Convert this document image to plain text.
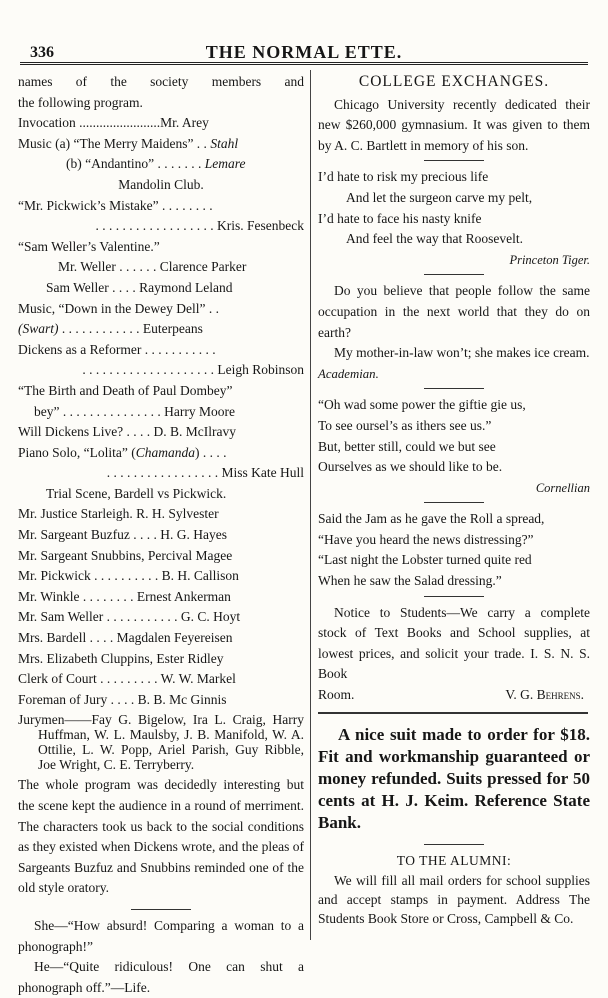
336	THE NORMAL ETTE.
names of the society members and
the following program.
Invocation ........................Mr. Arey
Music (a) “The Merry Maidens” . . Stahl
(b) “Andantino” . . . . . . . Lemare
Mandolin Club.
“Mr. Pickwick’s Mistake” . . . . . . . .
. . . . . . . . . . . . . . . . . . Kris. Fesenbeck
“Sam Weller’s Valentine.”
Mr. Weller . . . . . . Clarence Parker
Sam Weller . . . . Raymond Leland
Music, “Down in the Dewey Dell” . .
(Swart) . . . . . . . . . . . . Euterpeans
Dickens as a Reformer . . . . . . . . . . .
. . . . . . . . . . . . . . . . . . . . Leigh Robinson
“The Birth and Death of Paul Dombey”
bey” . . . . . . . . . . . . . . . Harry Moore
Will Dickens Live? . . . . D. B. McIlravy
Piano Solo, “Lolita” (Chamanda) . . . .
. . . . . . . . . . . . . . . . . Miss Kate Hull
Trial Scene, Bardell vs Pickwick.
Mr. Justice Starleigh. R. H. Sylvester
Mr. Sargeant Buzfuz . . . . H. G. Hayes
Mr. Sargeant Snubbins, Percival Magee
Mr. Pickwick . . . . . . . . . . B. H. Callison
Mr. Winkle . . . . . . . . Ernest Ankerman
Mr. Sam Weller . . . . . . . . . . . G. C. Hoyt
Mrs. Bardell . . . . Magdalen Feyereisen
Mrs. Elizabeth Cluppins, Ester Ridley
Clerk of Court . . . . . . . . . W. W. Markel
Foreman of Jury . . . . B. B. Mc Ginnis
Jurymen——Fay G. Bigelow, Ira L. Craig, Harry Huffman, W. L. Maulsby, J. B. Manifold, W. A. Ottilie, L. W. Popp, Ariel Parish, Guy Ribble, Joe Wright, C. E. Terryberry.
The whole program was decidedly interesting but the scene kept the audience in a round of merriment. The characters took us back to the social conditions as they existed when Dickens wrote, and the pleas of Sargeants Buzfuz and Snubbins reminded one of the old style oratory.
She—“How absurd! Comparing a woman to a phonograph!”
He—“Quite ridiculous! One can shut a phonograph off.”—Life.
COLLEGE EXCHANGES.
Chicago University recently dedicated their new $260,000 gymnasium. It was given to them by A. C. Bartlett in memory of his son.
I’d hate to risk my precious life
And let the surgeon carve my pelt,
I’d hate to face his nasty knife
And feel the way that Roosevelt.
Princeton Tiger.
Do you believe that people follow the same occupation in the next world that they do on earth?
My mother-in-law won’t; she makes ice cream. Academian.
“Oh wad some power the giftie gie us,
To see oursel’s as ithers see us.”
But, better still, could we but see
Ourselves as we should like to be.
Cornellian
Said the Jam as he gave the Roll a spread,
“Have you heard the news distressing?”
“Last night the Lobster turned quite red
When he saw the Salad dressing.”
Notice to Students—We carry a complete stock of Text Books and School supplies, at lowest prices, and solicit your trade. I. S. N. S. Book
Room.	V. G. Behrens.
A nice suit made to order for $18. Fit and workmanship guaranteed or money refunded. Suits pressed for 50 cents at H. J. Keim. Reference State Bank.
TO THE ALUMNI:
We will fill all mail orders for school supplies and accept stamps in payment. Address The Students Book Store or Cross, Campbell & Co.
